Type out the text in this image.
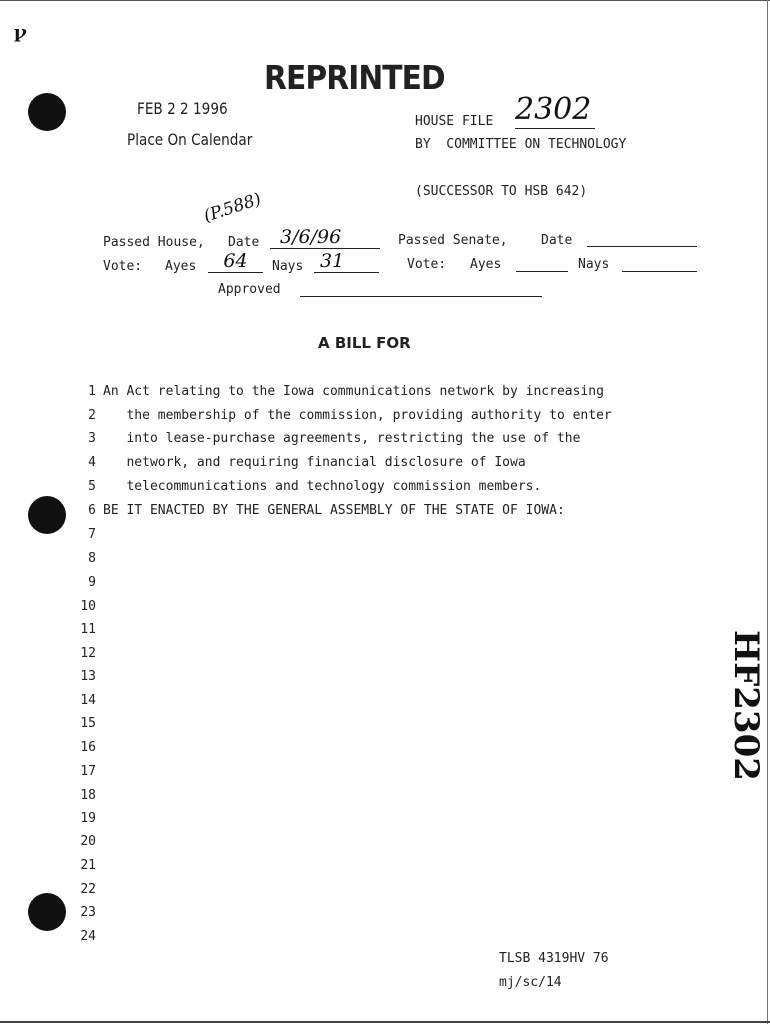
ꝩ
REPRINTED
FEB 2 2 1996
Place On Calendar
HOUSE FILE 2302
BY  COMMITTEE ON TECHNOLOGY
(SUCCESSOR TO HSB 642)
(P.588)
Passed House, Date	3/6/96
Vote: Ayes	64	Nays 31
Passed Senate,	Date
Vote: Ayes	Nays
Approved
A BILL FOR
1
2
3
4
5
6
7
8
9
10
11
12
13
14
15
16
17
18
19
20
21
22
23
24
An Act relating to the Iowa communications network by increasing
the membership of the commission, providing authority to enter
into lease-purchase agreements, restricting the use of the
network, and requiring financial disclosure of Iowa
telecommunications and technology commission members.
BE IT ENACTED BY THE GENERAL ASSEMBLY OF THE STATE OF IOWA:
HF2302
TLSB 4319HV 76
mj/sc/14
